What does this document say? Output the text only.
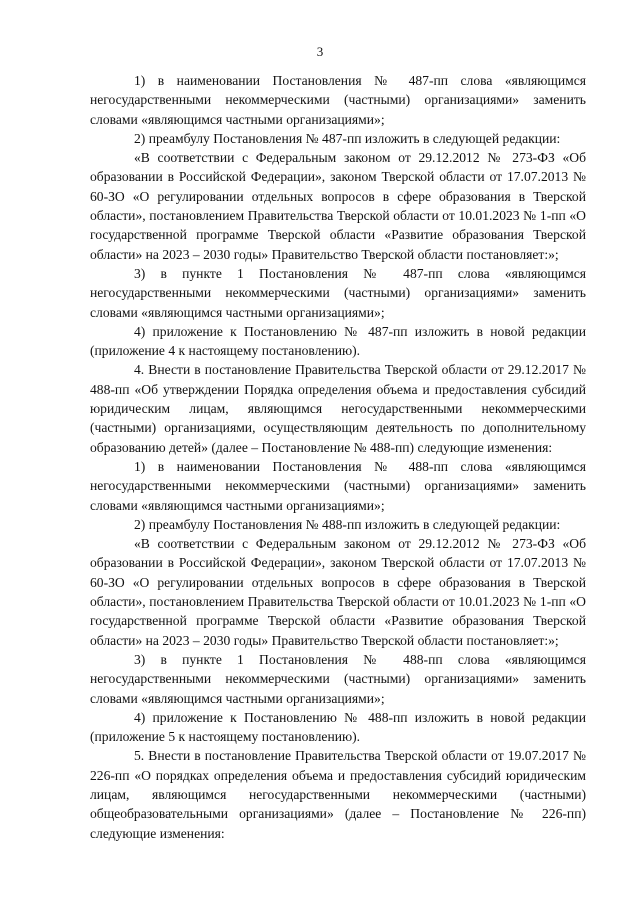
3

1) в наименовании Постановления № 487-пп слова «являющимся негосударственными некоммерческими (частными) организациями» заменить словами «являющимся частными организациями»;

2) преамбулу Постановления № 487-пп изложить в следующей редакции:

«В соответствии с Федеральным законом от 29.12.2012 № 273-ФЗ «Об образовании в Российской Федерации», законом Тверской области от 17.07.2013 № 60-ЗО «О регулировании отдельных вопросов в сфере образования в Тверской области», постановлением Правительства Тверской области от 10.01.2023 № 1-пп «О государственной программе Тверской области «Развитие образования Тверской области» на 2023 – 2030 годы» Правительство Тверской области постановляет:»;

3) в пункте 1 Постановления № 487-пп слова «являющимся негосударственными некоммерческими (частными) организациями» заменить словами «являющимся частными организациями»;

4) приложение к Постановлению № 487-пп изложить в новой редакции (приложение 4 к настоящему постановлению).

4. Внести в постановление Правительства Тверской области от 29.12.2017 № 488-пп «Об утверждении Порядка определения объема и предоставления субсидий юридическим лицам, являющимся негосударственными некоммерческими (частными) организациями, осуществляющим деятельность по дополнительному образованию детей» (далее – Постановление № 488-пп) следующие изменения:

1) в наименовании Постановления № 488-пп слова «являющимся негосударственными некоммерческими (частными) организациями» заменить словами «являющимся частными организациями»;

2) преамбулу Постановления № 488-пп изложить в следующей редакции:

«В соответствии с Федеральным законом от 29.12.2012 № 273-ФЗ «Об образовании в Российской Федерации», законом Тверской области от 17.07.2013 № 60-ЗО «О регулировании отдельных вопросов в сфере образования в Тверской области», постановлением Правительства Тверской области от 10.01.2023 № 1-пп «О государственной программе Тверской области «Развитие образования Тверской области» на 2023 – 2030 годы» Правительство Тверской области постановляет:»;

3) в пункте 1 Постановления № 488-пп слова «являющимся негосударственными некоммерческими (частными) организациями» заменить словами «являющимся частными организациями»;

4) приложение к Постановлению № 488-пп изложить в новой редакции (приложение 5 к настоящему постановлению).

5. Внести в постановление Правительства Тверской области от 19.07.2017 № 226-пп «О порядках определения объема и предоставления субсидий юридическим лицам, являющимся негосударственными некоммерческими (частными) общеобразовательными организациями» (далее – Постановление № 226-пп) следующие изменения:
